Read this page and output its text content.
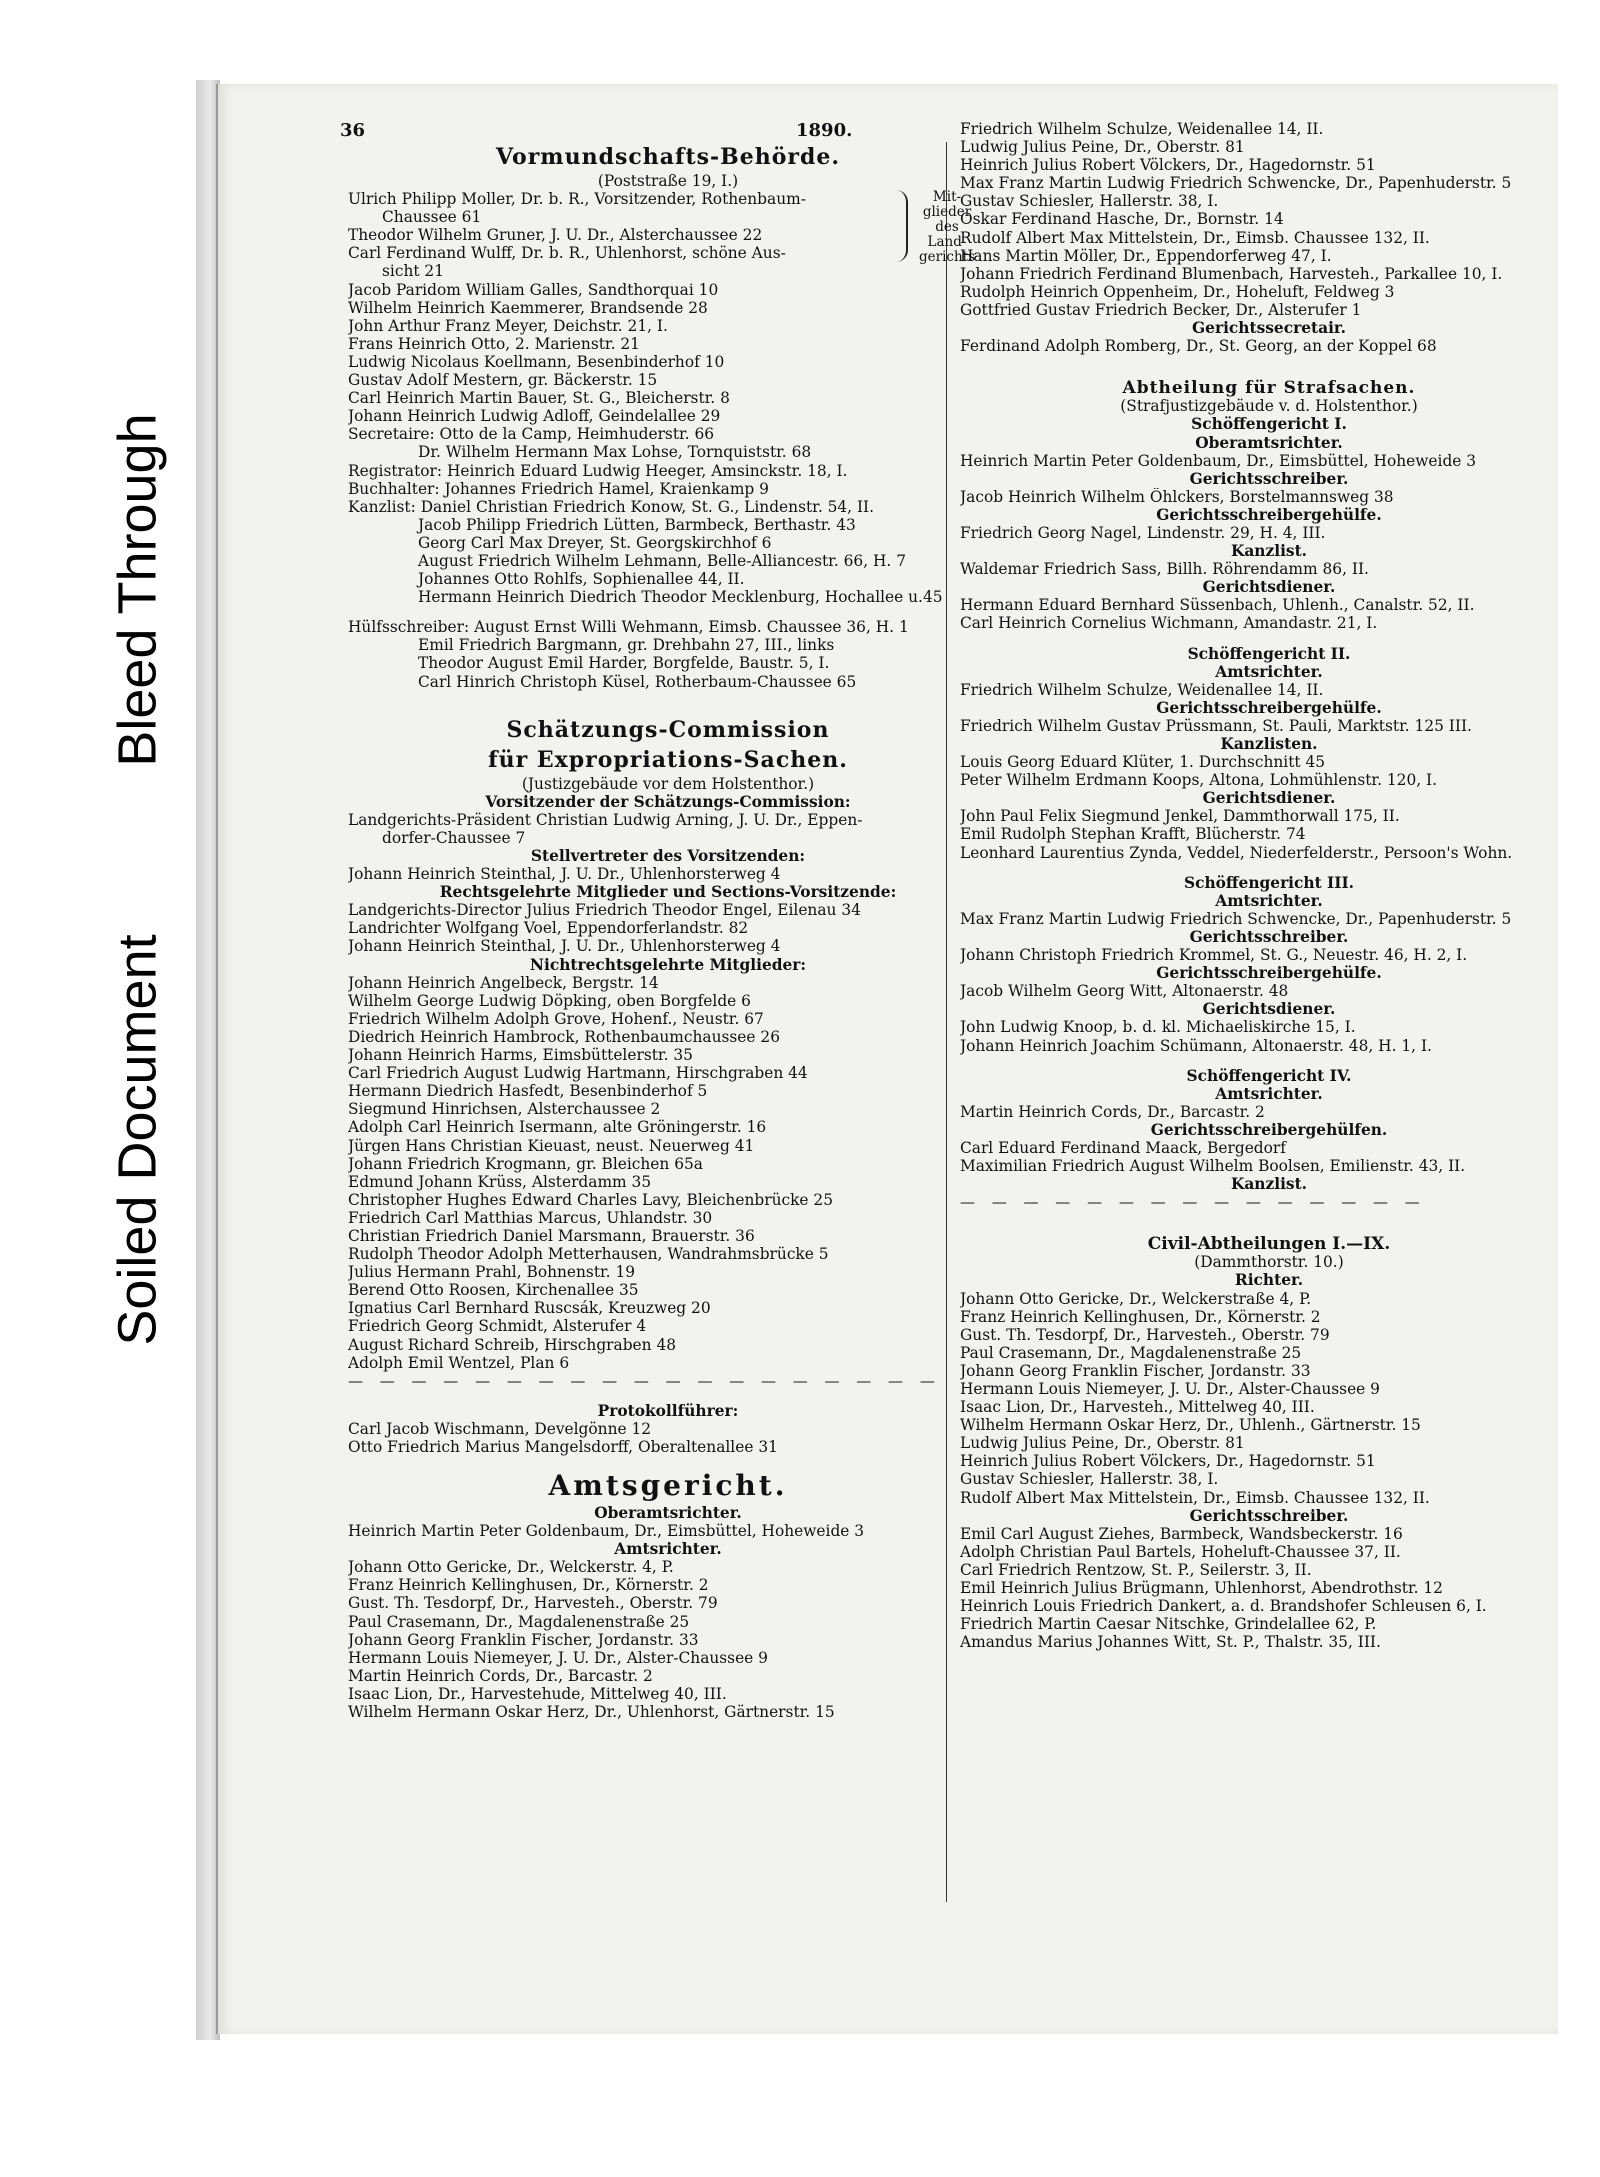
Bleed Through
Soiled Document
36	1890.
Vormundschafts-Behörde.
(Poststraße 19, I.)
Ulrich Philipp Moller, Dr. b. R., Vorsitzender, Rothenbaum-
Chaussee 61
Theodor Wilhelm Gruner, J. U. Dr., Alsterchaussee 22
Carl Ferdinand Wulff, Dr. b. R., Uhlenhorst, schöne Aus-
sicht 21
Mit-
glieder
des
Land-
gerichts
Jacob Paridom William Galles, Sandthorquai 10
Wilhelm Heinrich Kaemmerer, Brandsende 28
John Arthur Franz Meyer, Deichstr. 21, I.
Frans Heinrich Otto, 2. Marienstr. 21
Ludwig Nicolaus Koellmann, Besenbinderhof 10
Gustav Adolf Mestern, gr. Bäckerstr. 15
Carl Heinrich Martin Bauer, St. G., Bleicherstr. 8
Johann Heinrich Ludwig Adloff, Geindelallee 29
Secretaire: Otto de la Camp, Heimhuderstr. 66
Dr. Wilhelm Hermann Max Lohse, Tornquiststr. 68
Registrator: Heinrich Eduard Ludwig Heeger, Amsinckstr. 18, I.
Buchhalter: Johannes Friedrich Hamel, Kraienkamp 9
Kanzlist: Daniel Christian Friedrich Konow, St. G., Lindenstr. 54, II.
Jacob Philipp Friedrich Lütten, Barmbeck, Berthastr. 43
Georg Carl Max Dreyer, St. Georgskirchhof 6
August Friedrich Wilhelm Lehmann, Belle-Alliancestr. 66, H. 7
Johannes Otto Rohlfs, Sophienallee 44, II.
Hermann Heinrich Diedrich Theodor Mecklenburg, Hochallee u.45
Hülfsschreiber: August Ernst Willi Wehmann, Eimsb. Chaussee 36, H. 1
Emil Friedrich Bargmann, gr. Drehbahn 27, III., links
Theodor August Emil Harder, Borgfelde, Baustr. 5, I.
Carl Hinrich Christoph Küsel, Rotherbaum-Chaussee 65
Schätzungs-Commission
für Expropriations-Sachen.
(Justizgebäude vor dem Holstenthor.)
Vorsitzender der Schätzungs-Commission:
Landgerichts-Präsident Christian Ludwig Arning, J. U. Dr., Eppen-
dorfer-Chaussee 7
Stellvertreter des Vorsitzenden:
Johann Heinrich Steinthal, J. U. Dr., Uhlenhorsterweg 4
Rechtsgelehrte Mitglieder und Sections-Vorsitzende:
Landgerichts-Director Julius Friedrich Theodor Engel, Eilenau 34
Landrichter Wolfgang Voel, Eppendorferlandstr. 82
Johann Heinrich Steinthal, J. U. Dr., Uhlenhorsterweg 4
Nichtrechtsgelehrte Mitglieder:
Johann Heinrich Angelbeck, Bergstr. 14
Wilhelm George Ludwig Döpking, oben Borgfelde 6
Friedrich Wilhelm Adolph Grove, Hohenf., Neustr. 67
Diedrich Heinrich Hambrock, Rothenbaumchaussee 26
Johann Heinrich Harms, Eimsbüttelerstr. 35
Carl Friedrich August Ludwig Hartmann, Hirschgraben 44
Hermann Diedrich Hasfedt, Besenbinderhof 5
Siegmund Hinrichsen, Alsterchaussee 2
Adolph Carl Heinrich Isermann, alte Gröningerstr. 16
Jürgen Hans Christian Kieuast, neust. Neuerweg 41
Johann Friedrich Krogmann, gr. Bleichen 65a
Edmund Johann Krüss, Alsterdamm 35
Christopher Hughes Edward Charles Lavy, Bleichenbrücke 25
Friedrich Carl Matthias Marcus, Uhlandstr. 30
Christian Friedrich Daniel Marsmann, Brauerstr. 36
Rudolph Theodor Adolph Metterhausen, Wandrahmsbrücke 5
Julius Hermann Prahl, Bohnenstr. 19
Berend Otto Roosen, Kirchenallee 35
Ignatius Carl Bernhard Ruscsák, Kreuzweg 20
Friedrich Georg Schmidt, Alsterufer 4
August Richard Schreib, Hirschgraben 48
Adolph Emil Wentzel, Plan 6
— — — — — — — — — — — — — — — — — — —
Protokollführer:
Carl Jacob Wischmann, Develgönne 12
Otto Friedrich Marius Mangelsdorff, Oberaltenallee 31
Amtsgericht.
Oberamtsrichter.
Heinrich Martin Peter Goldenbaum, Dr., Eimsbüttel, Hoheweide 3
Amtsrichter.
Johann Otto Gericke, Dr., Welckerstr. 4, P.
Franz Heinrich Kellinghusen, Dr., Körnerstr. 2
Gust. Th. Tesdorpf, Dr., Harvesteh., Oberstr. 79
Paul Crasemann, Dr., Magdalenenstraße 25
Johann Georg Franklin Fischer, Jordanstr. 33
Hermann Louis Niemeyer, J. U. Dr., Alster-Chaussee 9
Martin Heinrich Cords, Dr., Barcastr. 2
Isaac Lion, Dr., Harvestehude, Mittelweg 40, III.
Wilhelm Hermann Oskar Herz, Dr., Uhlenhorst, Gärtnerstr. 15
Friedrich Wilhelm Schulze, Weidenallee 14, II.
Ludwig Julius Peine, Dr., Oberstr. 81
Heinrich Julius Robert Völckers, Dr., Hagedornstr. 51
Max Franz Martin Ludwig Friedrich Schwencke, Dr., Papenhuderstr. 5
Gustav Schiesler, Hallerstr. 38, I.
Oskar Ferdinand Hasche, Dr., Bornstr. 14
Rudolf Albert Max Mittelstein, Dr., Eimsb. Chaussee 132, II.
Hans Martin Möller, Dr., Eppendorferweg 47, I.
Johann Friedrich Ferdinand Blumenbach, Harvesteh., Parkallee 10, I.
Rudolph Heinrich Oppenheim, Dr., Hoheluft, Feldweg 3
Gottfried Gustav Friedrich Becker, Dr., Alsterufer 1
Gerichtssecretair.
Ferdinand Adolph Romberg, Dr., St. Georg, an der Koppel 68
Abtheilung für Strafsachen.
(Strafjustizgebäude v. d. Holstenthor.)
Schöffengericht I.
Oberamtsrichter.
Heinrich Martin Peter Goldenbaum, Dr., Eimsbüttel, Hoheweide 3
Gerichtsschreiber.
Jacob Heinrich Wilhelm Öhlckers, Borstelmannsweg 38
Gerichtsschreibergehülfe.
Friedrich Georg Nagel, Lindenstr. 29, H. 4, III.
Kanzlist.
Waldemar Friedrich Sass, Billh. Röhrendamm 86, II.
Gerichtsdiener.
Hermann Eduard Bernhard Süssenbach, Uhlenh., Canalstr. 52, II.
Carl Heinrich Cornelius Wichmann, Amandastr. 21, I.
Schöffengericht II.
Amtsrichter.
Friedrich Wilhelm Schulze, Weidenallee 14, II.
Gerichtsschreibergehülfe.
Friedrich Wilhelm Gustav Prüssmann, St. Pauli, Marktstr. 125 III.
Kanzlisten.
Louis Georg Eduard Klüter, 1. Durchschnitt 45
Peter Wilhelm Erdmann Koops, Altona, Lohmühlenstr. 120, I.
Gerichtsdiener.
John Paul Felix Siegmund Jenkel, Dammthorwall 175, II.
Emil Rudolph Stephan Krafft, Blücherstr. 74
Leonhard Laurentius Zynda, Veddel, Niederfelderstr., Persoon's Wohn.
Schöffengericht III.
Amtsrichter.
Max Franz Martin Ludwig Friedrich Schwencke, Dr., Papenhuderstr. 5
Gerichtsschreiber.
Johann Christoph Friedrich Krommel, St. G., Neuestr. 46, H. 2, I.
Gerichtsschreibergehülfe.
Jacob Wilhelm Georg Witt, Altonaerstr. 48
Gerichtsdiener.
John Ludwig Knoop, b. d. kl. Michaeliskirche 15, I.
Johann Heinrich Joachim Schümann, Altonaerstr. 48, H. 1, I.
Schöffengericht IV.
Amtsrichter.
Martin Heinrich Cords, Dr., Barcastr. 2
Gerichtsschreibergehülfen.
Carl Eduard Ferdinand Maack, Bergedorf
Maximilian Friedrich August Wilhelm Boolsen, Emilienstr. 43, II.
Kanzlist.
— — — — — — — — — — — — — — —
Civil-Abtheilungen I.—IX.
(Dammthorstr. 10.)
Richter.
Johann Otto Gericke, Dr., Welckerstraße 4, P.
Franz Heinrich Kellinghusen, Dr., Körnerstr. 2
Gust. Th. Tesdorpf, Dr., Harvesteh., Oberstr. 79
Paul Crasemann, Dr., Magdalenenstraße 25
Johann Georg Franklin Fischer, Jordanstr. 33
Hermann Louis Niemeyer, J. U. Dr., Alster-Chaussee 9
Isaac Lion, Dr., Harvesteh., Mittelweg 40, III.
Wilhelm Hermann Oskar Herz, Dr., Uhlenh., Gärtnerstr. 15
Ludwig Julius Peine, Dr., Oberstr. 81
Heinrich Julius Robert Völckers, Dr., Hagedornstr. 51
Gustav Schiesler, Hallerstr. 38, I.
Rudolf Albert Max Mittelstein, Dr., Eimsb. Chaussee 132, II.
Gerichtsschreiber.
Emil Carl August Ziehes, Barmbeck, Wandsbeckerstr. 16
Adolph Christian Paul Bartels, Hoheluft-Chaussee 37, II.
Carl Friedrich Rentzow, St. P., Seilerstr. 3, II.
Emil Heinrich Julius Brügmann, Uhlenhorst, Abendrothstr. 12
Heinrich Louis Friedrich Dankert, a. d. Brandshofer Schleusen 6, I.
Friedrich Martin Caesar Nitschke, Grindelallee 62, P.
Amandus Marius Johannes Witt, St. P., Thalstr. 35, III.
